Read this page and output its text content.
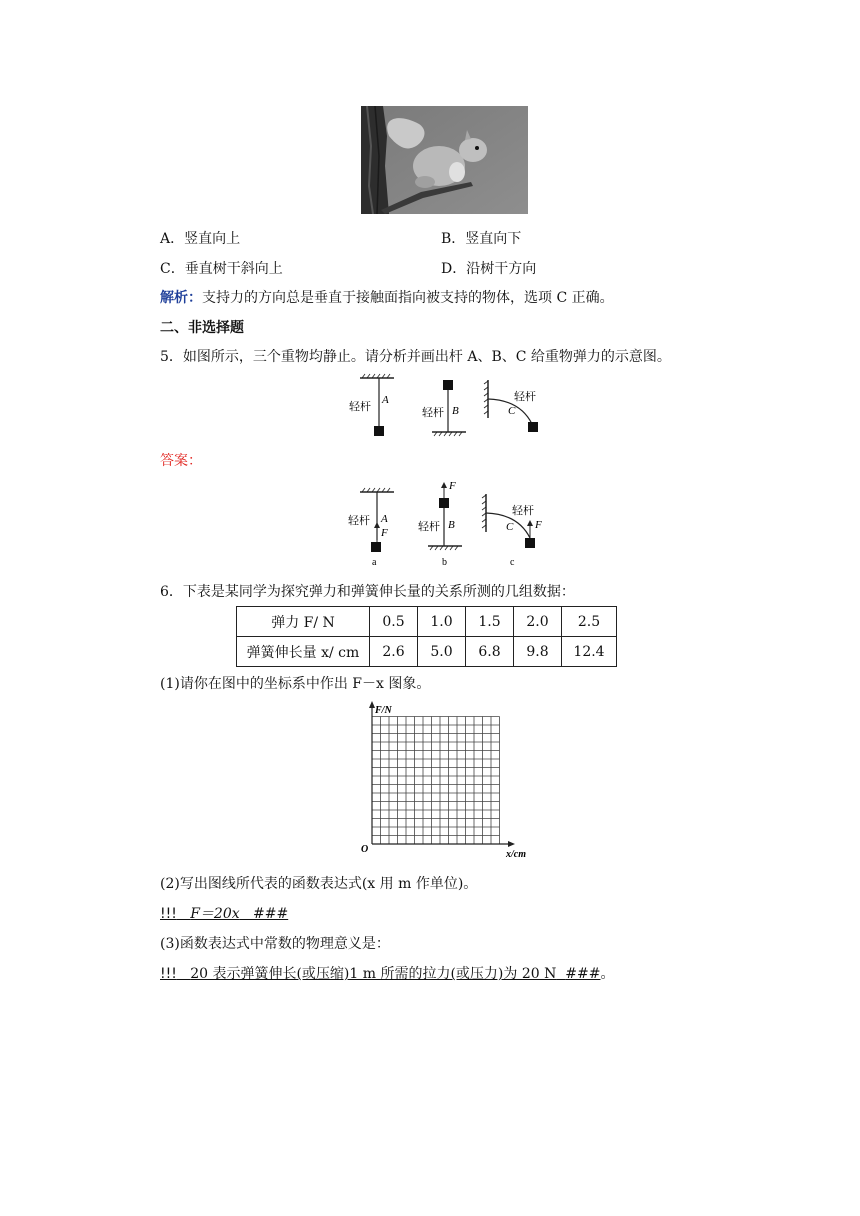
A．竖直向上	B．竖直向下
C．垂直树干斜向上	D．沿树干方向
解析：支持力的方向总是垂直于接触面指向被支持的物体，选项 C 正确。
二、非选择题
5．如图所示，三个重物均静止。请分析并画出杆 A、B、C 给重物弹力的示意图。
轻杆
A
轻杆 B
轻杆
C
答案：
轻杆 A
F
a
F
轻杆 B
b
F
轻杆
C
c
6．下表是某同学为探究弹力和弹簧伸长量的关系所测的几组数据：
弹力 F/ N	0.5	1.0	1.5	2.0	2.5
弹簧伸长量 x/ cm	2.6	5.0	6.8	9.8	12.4
(1)请你在图中的坐标系中作出 F－x 图象。
F/N
x/cm
O
(2)写出图线所代表的函数表达式(x 用 m 作单位)。
!!! F＝20x ###
(3)函数表达式中常数的物理意义是：
!!! 20 表示弹簧伸长(或压缩)1 m 所需的拉力(或压力)为 20 N ###。
